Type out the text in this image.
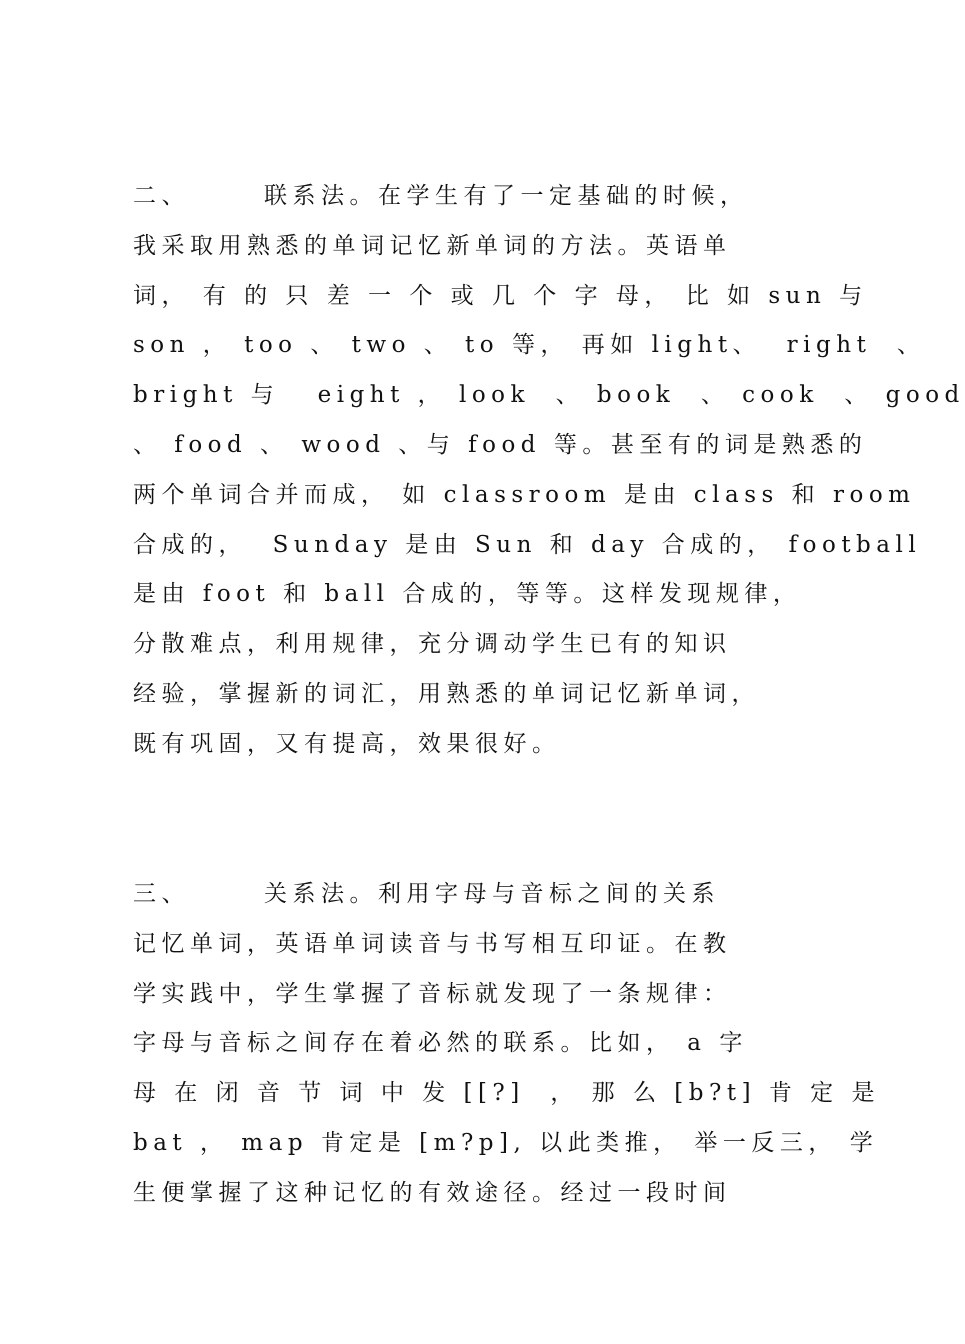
二、　　　联系法。在学生有了一定基础的时候，
我采取用熟悉的单词记忆新单词的方法。英语单
词， 有 的 只 差 一 个 或 几 个 字 母， 比 如 sun 与
son ， too 、 two 、 to 等， 再如 light、  right  、
bright 与   eight ， look  、 book  、 cook  、 good
、 food 、 wood 、与 food 等。甚至有的词是熟悉的
两个单词合并而成， 如 classroom 是由 class 和 room
合成的，  Sunday 是由 Sun 和 day 合成的， football
是由 foot 和 ball 合成的，等等。这样发现规律，
分散难点，利用规律，充分调动学生已有的知识
经验，掌握新的词汇，用熟悉的单词记忆新单词，
既有巩固，又有提高，效果很好。
三、　　　关系法。利用字母与音标之间的关系
记忆单词，英语单词读音与书写相互印证。在教
学实践中，学生掌握了音标就发现了一条规律：
字母与音标之间存在着必然的联系。比如， a 字
母 在 闭 音 节 词 中 发 [[?]  ， 那 么 [b?t] 肯 定 是
bat ， map 肯定是 [m?p], 以此类推， 举一反三， 学
生便掌握了这种记忆的有效途径。经过一段时间
